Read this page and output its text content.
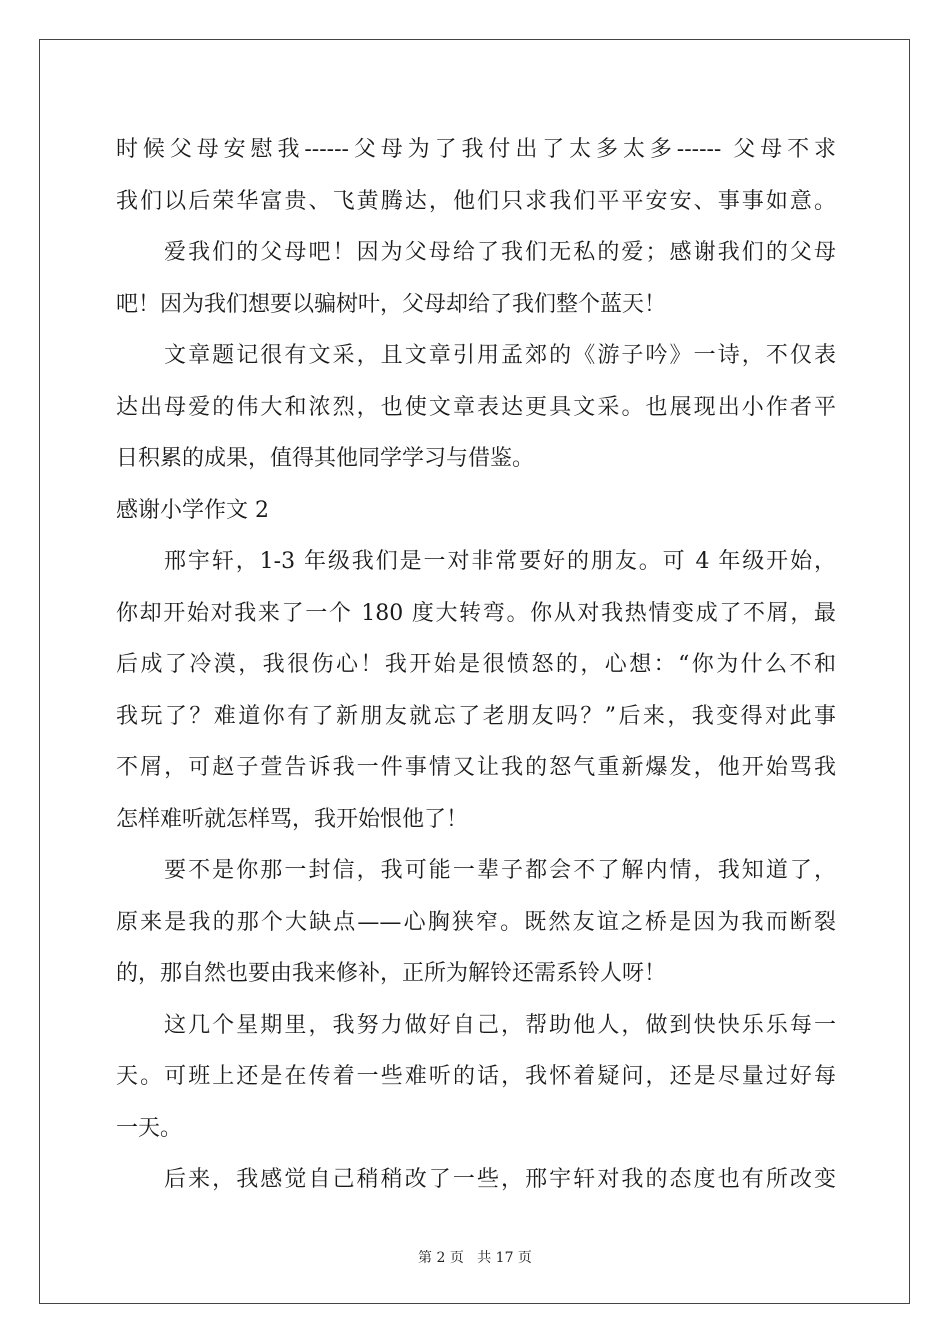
时候父母安慰我------父母为了我付出了太多太多------ 父母不求
我们以后荣华富贵、飞黄腾达，他们只求我们平平安安、事事如意。
爱我们的父母吧！因为父母给了我们无私的爱；感谢我们的父母
吧！因为我们想要以骗树叶，父母却给了我们整个蓝天！
文章题记很有文采，且文章引用孟郊的《游子吟》一诗，不仅表
达出母爱的伟大和浓烈，也使文章表达更具文采。也展现出小作者平
日积累的成果，值得其他同学学习与借鉴。
感谢小学作文 2
邢宇轩，1-3 年级我们是一对非常要好的朋友。可 4 年级开始，
你却开始对我来了一个 180 度大转弯。你从对我热情变成了不屑，最
后成了冷漠，我很伤心！我开始是很愤怒的，心想：“你为什么不和
我玩了？难道你有了新朋友就忘了老朋友吗？”后来，我变得对此事
不屑，可赵子萱告诉我一件事情又让我的怒气重新爆发，他开始骂我
怎样难听就怎样骂，我开始恨他了！
要不是你那一封信，我可能一辈子都会不了解内情，我知道了，
原来是我的那个大缺点——心胸狭窄。既然友谊之桥是因为我而断裂
的，那自然也要由我来修补，正所为解铃还需系铃人呀！
这几个星期里，我努力做好自己，帮助他人，做到快快乐乐每一
天。可班上还是在传着一些难听的话，我怀着疑问，还是尽量过好每
一天。
后来，我感觉自己稍稍改了一些，邢宇轩对我的态度也有所改变
第 2 页 共 17 页
